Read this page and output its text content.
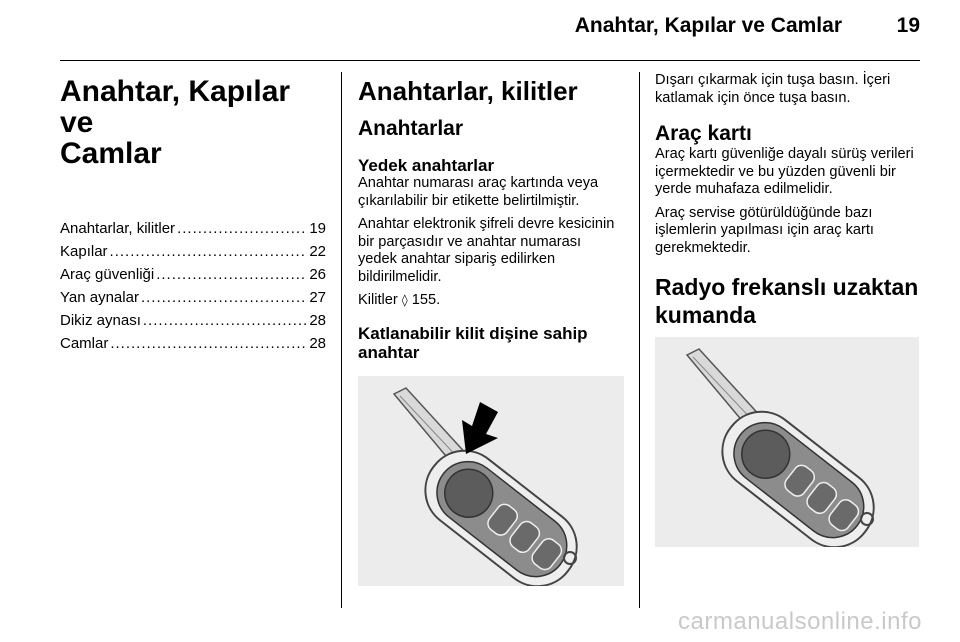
Anahtar, Kapılar ve Camlar	19
Anahtar, Kapılar ve
Camlar
Anahtarlar, kilitler .....	19
Kapılar .....	22
Araç güvenliği .....	26
Yan aynalar .....	27
Dikiz aynası .....	28
Camlar .....	28
Anahtarlar, kilitler
Anahtarlar
Yedek anahtarlar

Anahtar numarası araç kartında veya çıkarılabilir bir etikette belirtilmiştir.

Anahtar elektronik şifreli devre kesicinin bir parçasıdır ve anahtar numarası yedek anahtar sipariş edilirken bildirilmelidir.

Kilitler ◊ 155.

Katlanabilir kilit dişine sahip
anahtar

Dışarı çıkarmak için tuşa basın. İçeri katlamak için önce tuşa basın.

Araç kartı

Araç kartı güvenliğe dayalı sürüş verileri içermektedir ve bu yüzden güvenli bir yerde muhafaza edilmelidir.

Araç servise götürüldüğünde bazı işlemlerin yapılması için araç kartı gerekmektedir.

Radyo frekanslı uzaktan
kumanda
carmanualsonline.info
